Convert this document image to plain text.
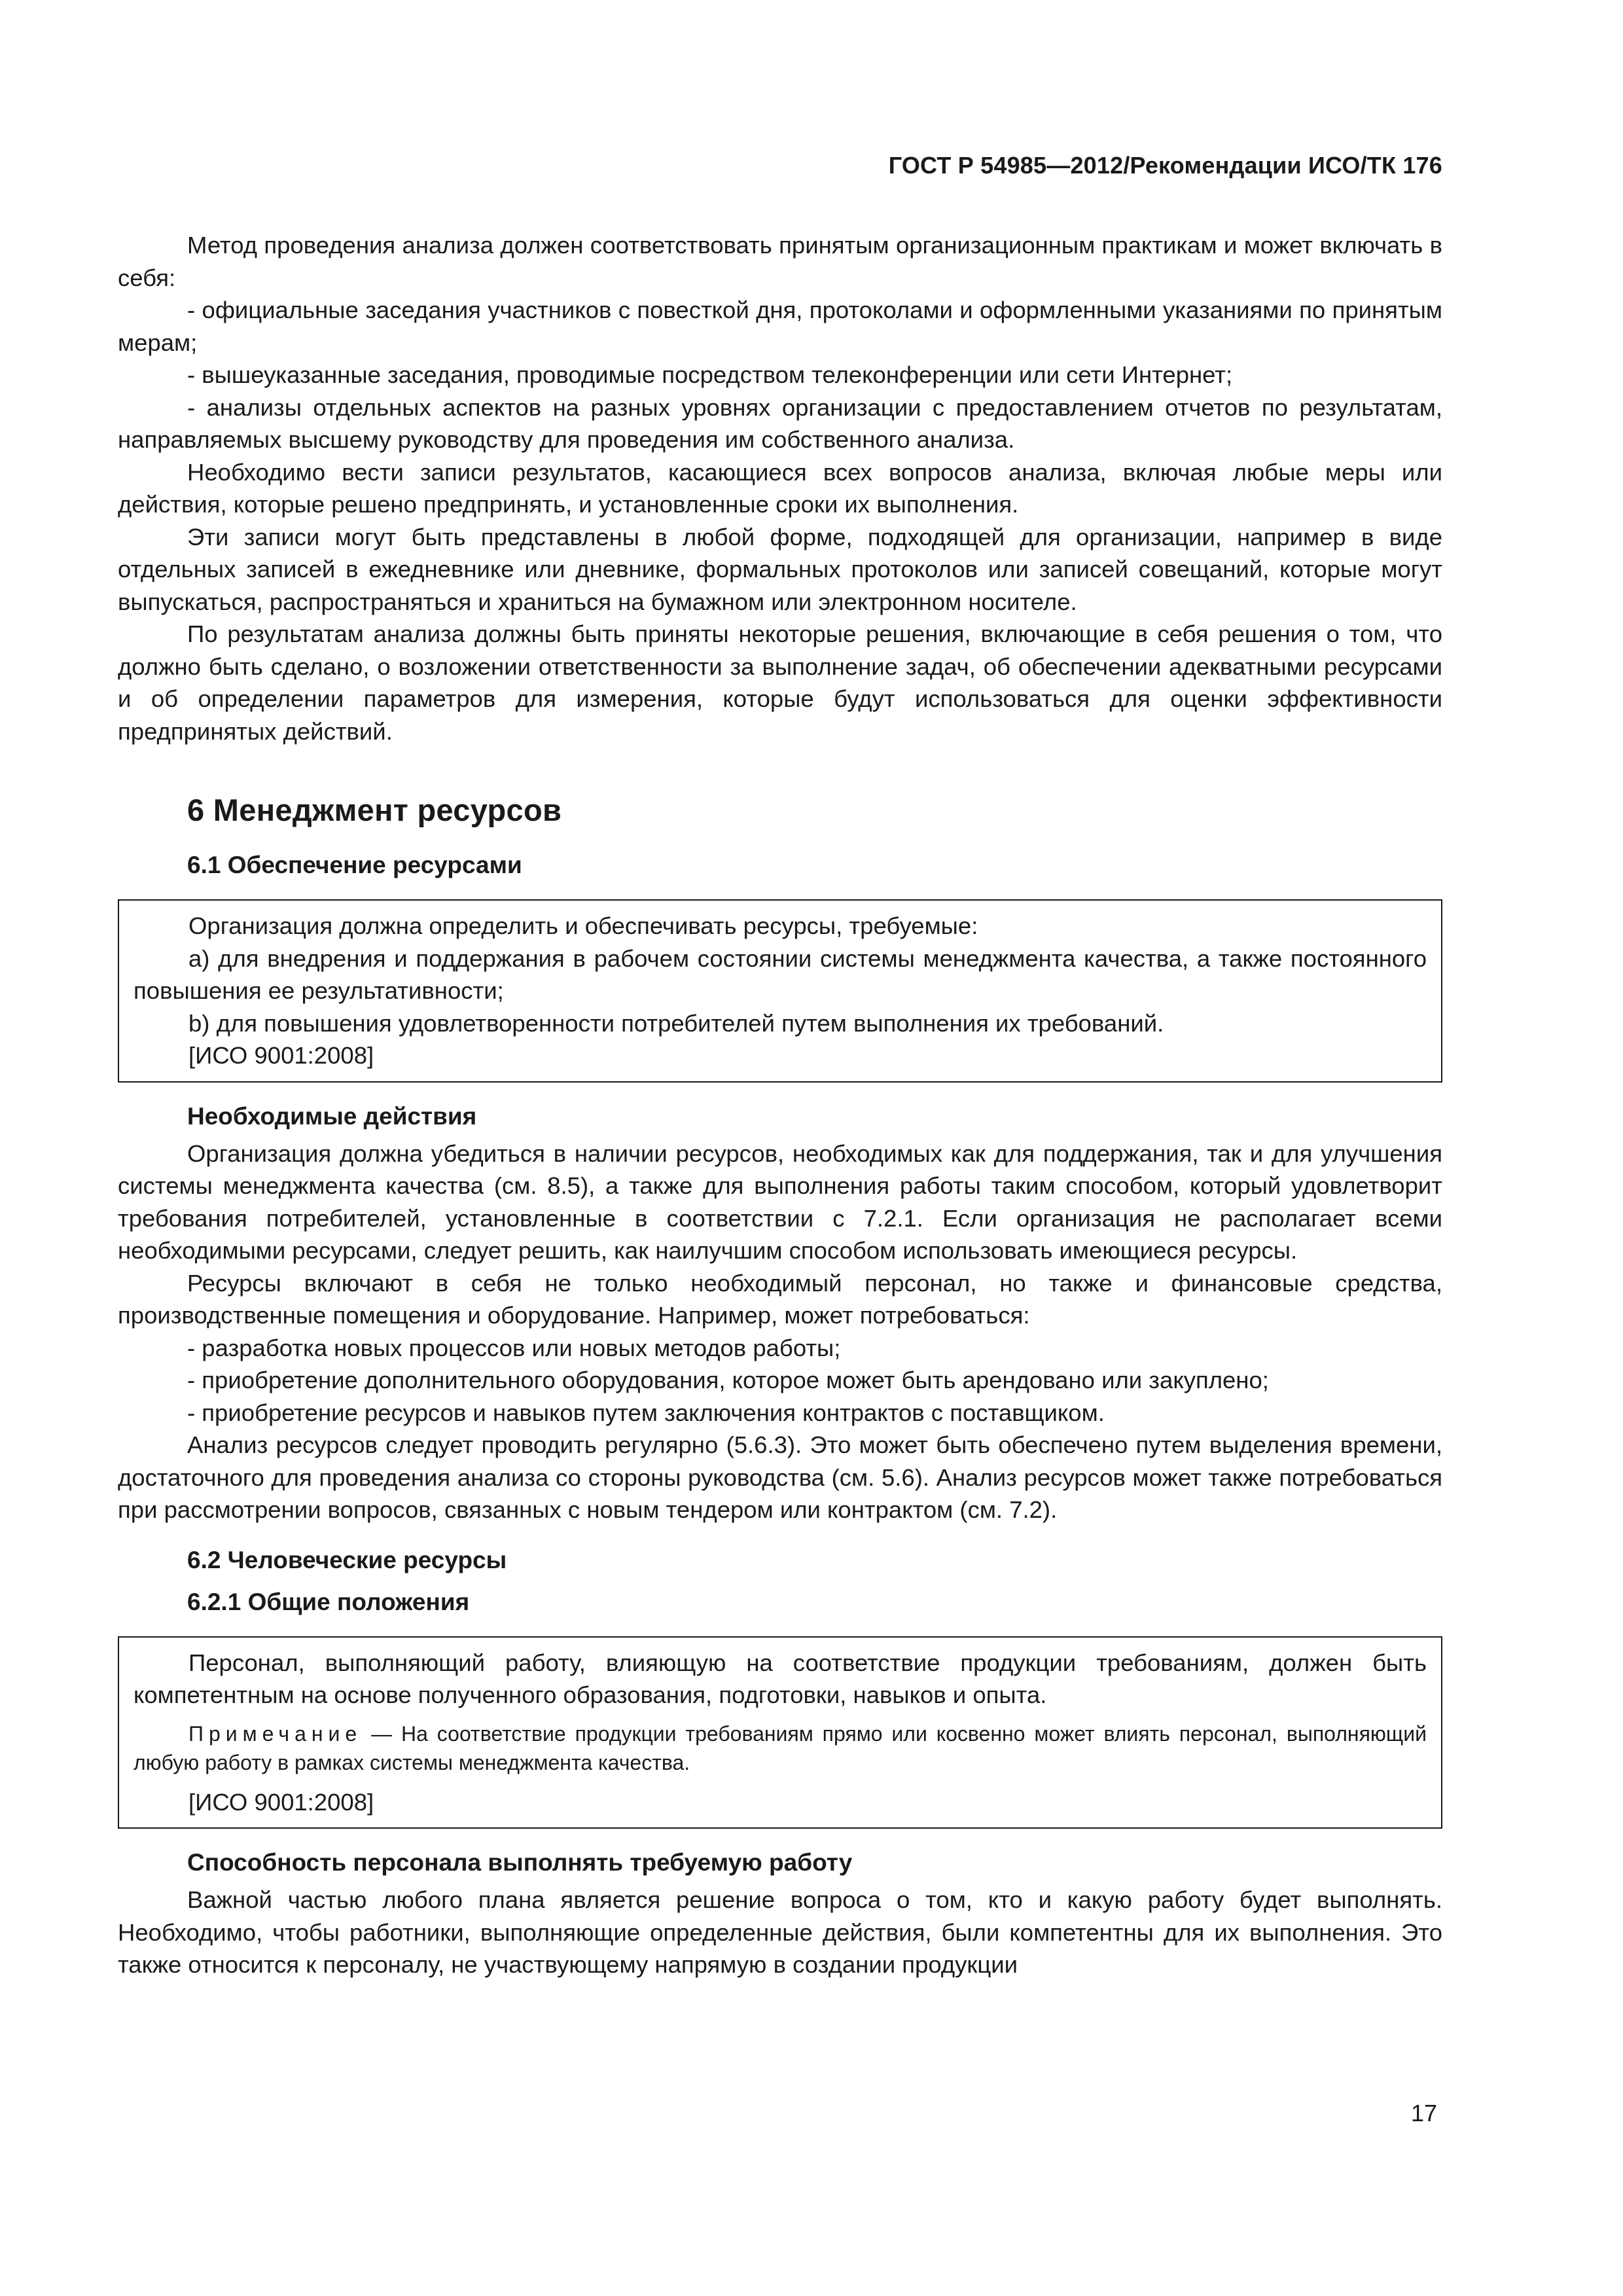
ГОСТ Р 54985—2012/Рекомендации ИСО/ТК 176

Метод проведения анализа должен соответствовать принятым организационным практикам и может включать в себя:

- официальные заседания участников с повесткой дня, протоколами и оформленными указаниями по принятым мерам;

- вышеуказанные заседания, проводимые посредством телеконференции или сети Интернет;

- анализы отдельных аспектов на разных уровнях организации с предоставлением отчетов по результатам, направляемых высшему руководству для проведения им собственного анализа.

Необходимо вести записи результатов, касающиеся всех вопросов анализа, включая любые меры или действия, которые решено предпринять, и установленные сроки их выполнения.

Эти записи могут быть представлены в любой форме, подходящей для организации, например в виде отдельных записей в ежедневнике или дневнике, формальных протоколов или записей совещаний, которые могут выпускаться, распространяться и храниться на бумажном или электронном носителе.

По результатам анализа должны быть приняты некоторые решения, включающие в себя решения о том, что должно быть сделано, о возложении ответственности за выполнение задач, об обеспечении адекватными ресурсами и об определении параметров для измерения, которые будут использоваться для оценки эффективности предпринятых действий.

6 Менеджмент ресурсов
6.1 Обеспечение ресурсами

Организация должна определить и обеспечивать ресурсы, требуемые:

a) для внедрения и поддержания в рабочем состоянии системы менеджмента качества, а также постоянного повышения ее результативности;

b) для повышения удовлетворенности потребителей путем выполнения их требований.

[ИСО 9001:2008]

Необходимые действия

Организация должна убедиться в наличии ресурсов, необходимых как для поддержания, так и для улучшения системы менеджмента качества (см. 8.5), а также для выполнения работы таким способом, который удовлетворит требования потребителей, установленные в соответствии с 7.2.1. Если организация не располагает всеми необходимыми ресурсами, следует решить, как наилучшим способом использовать имеющиеся ресурсы.

Ресурсы включают в себя не только необходимый персонал, но также и финансовые средства, производственные помещения и оборудование. Например, может потребоваться:

- разработка новых процессов или новых методов работы;

- приобретение дополнительного оборудования, которое может быть арендовано или закуплено;

- приобретение ресурсов и навыков путем заключения контрактов с поставщиком.

Анализ ресурсов следует проводить регулярно (5.6.3). Это может быть обеспечено путем выделения времени, достаточного для проведения анализа со стороны руководства (см. 5.6). Анализ ресурсов может также потребоваться при рассмотрении вопросов, связанных с новым тендером или контрактом (см. 7.2).

6.2 Человеческие ресурсы
6.2.1 Общие положения

Персонал, выполняющий работу, влияющую на соответствие продукции требованиям, должен быть компетентным на основе полученного образования, подготовки, навыков и опыта.

Примечание — На соответствие продукции требованиям прямо или косвенно может влиять персонал, выполняющий любую работу в рамках системы менеджмента качества.

[ИСО 9001:2008]

Способность персонала выполнять требуемую работу

Важной частью любого плана является решение вопроса о том, кто и какую работу будет выполнять. Необходимо, чтобы работники, выполняющие определенные действия, были компетентны для их выполнения. Это также относится к персоналу, не участвующему напрямую в создании продукции

17
